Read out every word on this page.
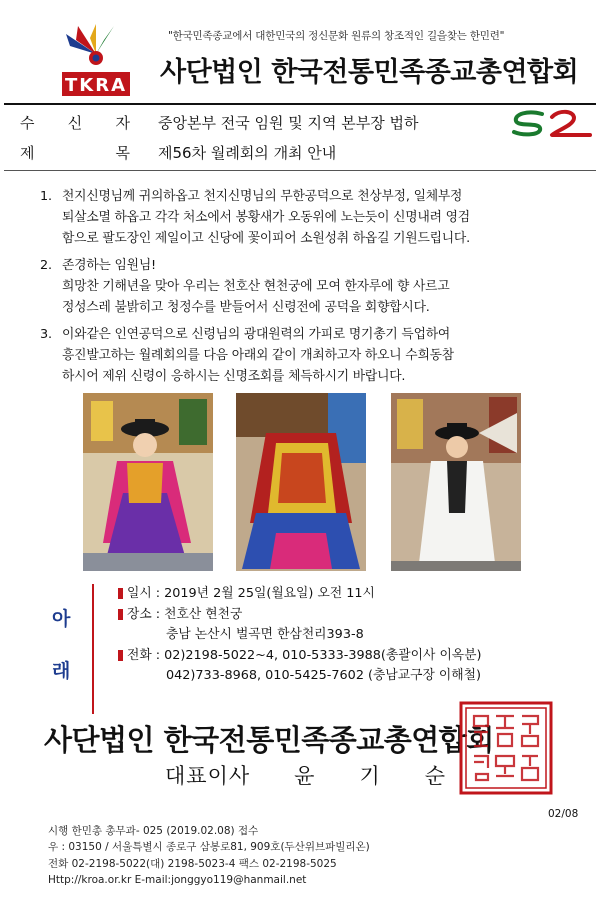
TKRA
"한국민족종교에서 대한민국의 정신문화 원류의 창조적인 길을찾는 한민련"
사단법인 한국전통민족종교총연합회
수 신 자 중앙본부 전국 임원 및 지역 본부장 법하
제	목 제56차 월례회의 개최 안내
1. 천지신명님께 귀의하옵고 천지신명님의 무한공덕으로 천상부정, 일체부정
퇴살소멸 하옵고 각각 처소에서 봉황새가 오동위에 노는듯이 신명내려 영검
함으로 팔도장인 제일이고 신당에 꽃이피어 소원성취 하옵길 기원드립니다.
2. 존경하는 임원님!
희망찬 기해년을 맞아 우리는 천호산 현천궁에 모여 한자루에 향 사르고
정성스레 불밝히고 청정수를 받들어서 신령전에 공덕을 회향합시다.
3. 이와같은 인연공덕으로 신령님의 광대원력의 가피로 명기총기 득업하여
흥진발고하는 월례회의를 다음 아래외 같이 개최하고자 하오니 수희동참
하시어 제위 신령이 응하시는 신명조회를 체득하시기 바랍니다.
아
래
일시 : 2019년 2월 25일(월요일) 오전 11시
장소 : 천호산 현천궁
충남 논산시 벌곡면 한삼천리393-8
전화 : 02)2198-5022~4, 010-5333-3988(총괄이사 이옥분)
042)733-8968, 010-5425-7602 (충남교구장 이해철)
사단법인 한국전통민족종교총연합회
대표이사 윤 기 순
02/08
시행 한민총 총무과- 025 (2019.02.08) 접수
우 : 03150 / 서울특별시 종로구 삼봉로81, 909호(두산위브파빌리온)
전화 02-2198-5022(대) 2198-5023-4 팩스 02-2198-5025
Http://kroa.or.kr E-mail:jonggyo119@hanmail.net
